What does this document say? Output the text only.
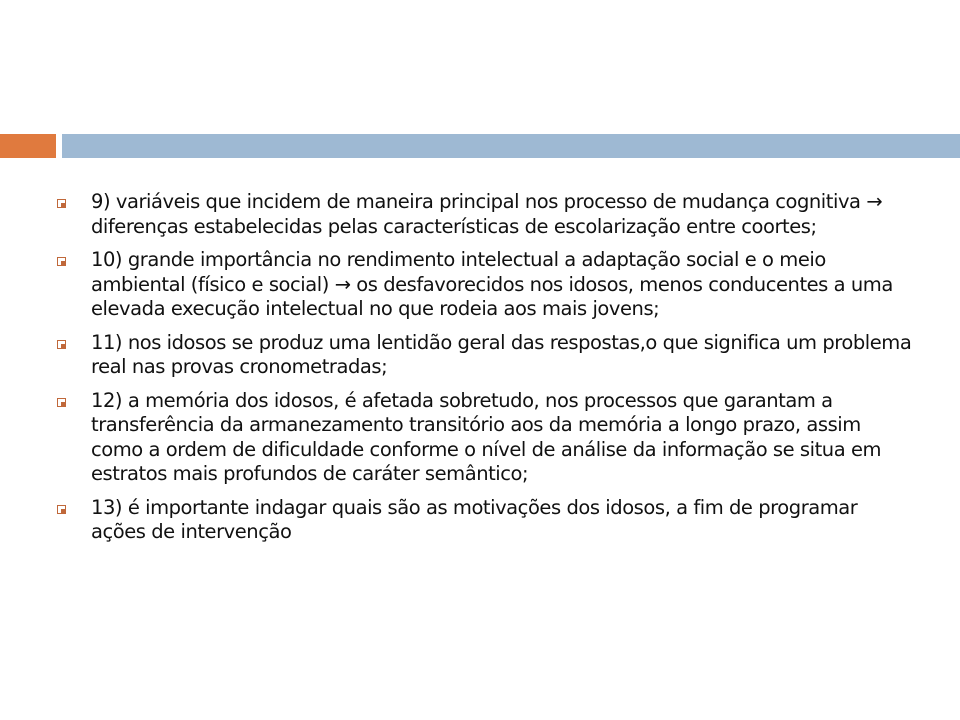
9) variáveis que incidem de maneira principal nos processo de mudança cognitiva → diferenças estabelecidas pelas características de escolarização entre coortes;

10) grande importância no rendimento intelectual a adaptação social e o meio ambiental (físico e social) → os desfavorecidos nos idosos, menos conducentes a uma elevada execução intelectual no que rodeia aos mais jovens;

11) nos idosos se produz uma lentidão geral das respostas,o que significa um problema real nas provas cronometradas;

12) a memória dos idosos, é afetada sobretudo, nos processos que garantam a transferência da armanezamento transitório aos da memória a longo prazo, assim como a ordem de dificuldade conforme o nível de análise da informação se situa em estratos mais profundos de caráter semântico;

13) é importante indagar quais são as motivações dos idosos, a fim de programar ações de intervenção
